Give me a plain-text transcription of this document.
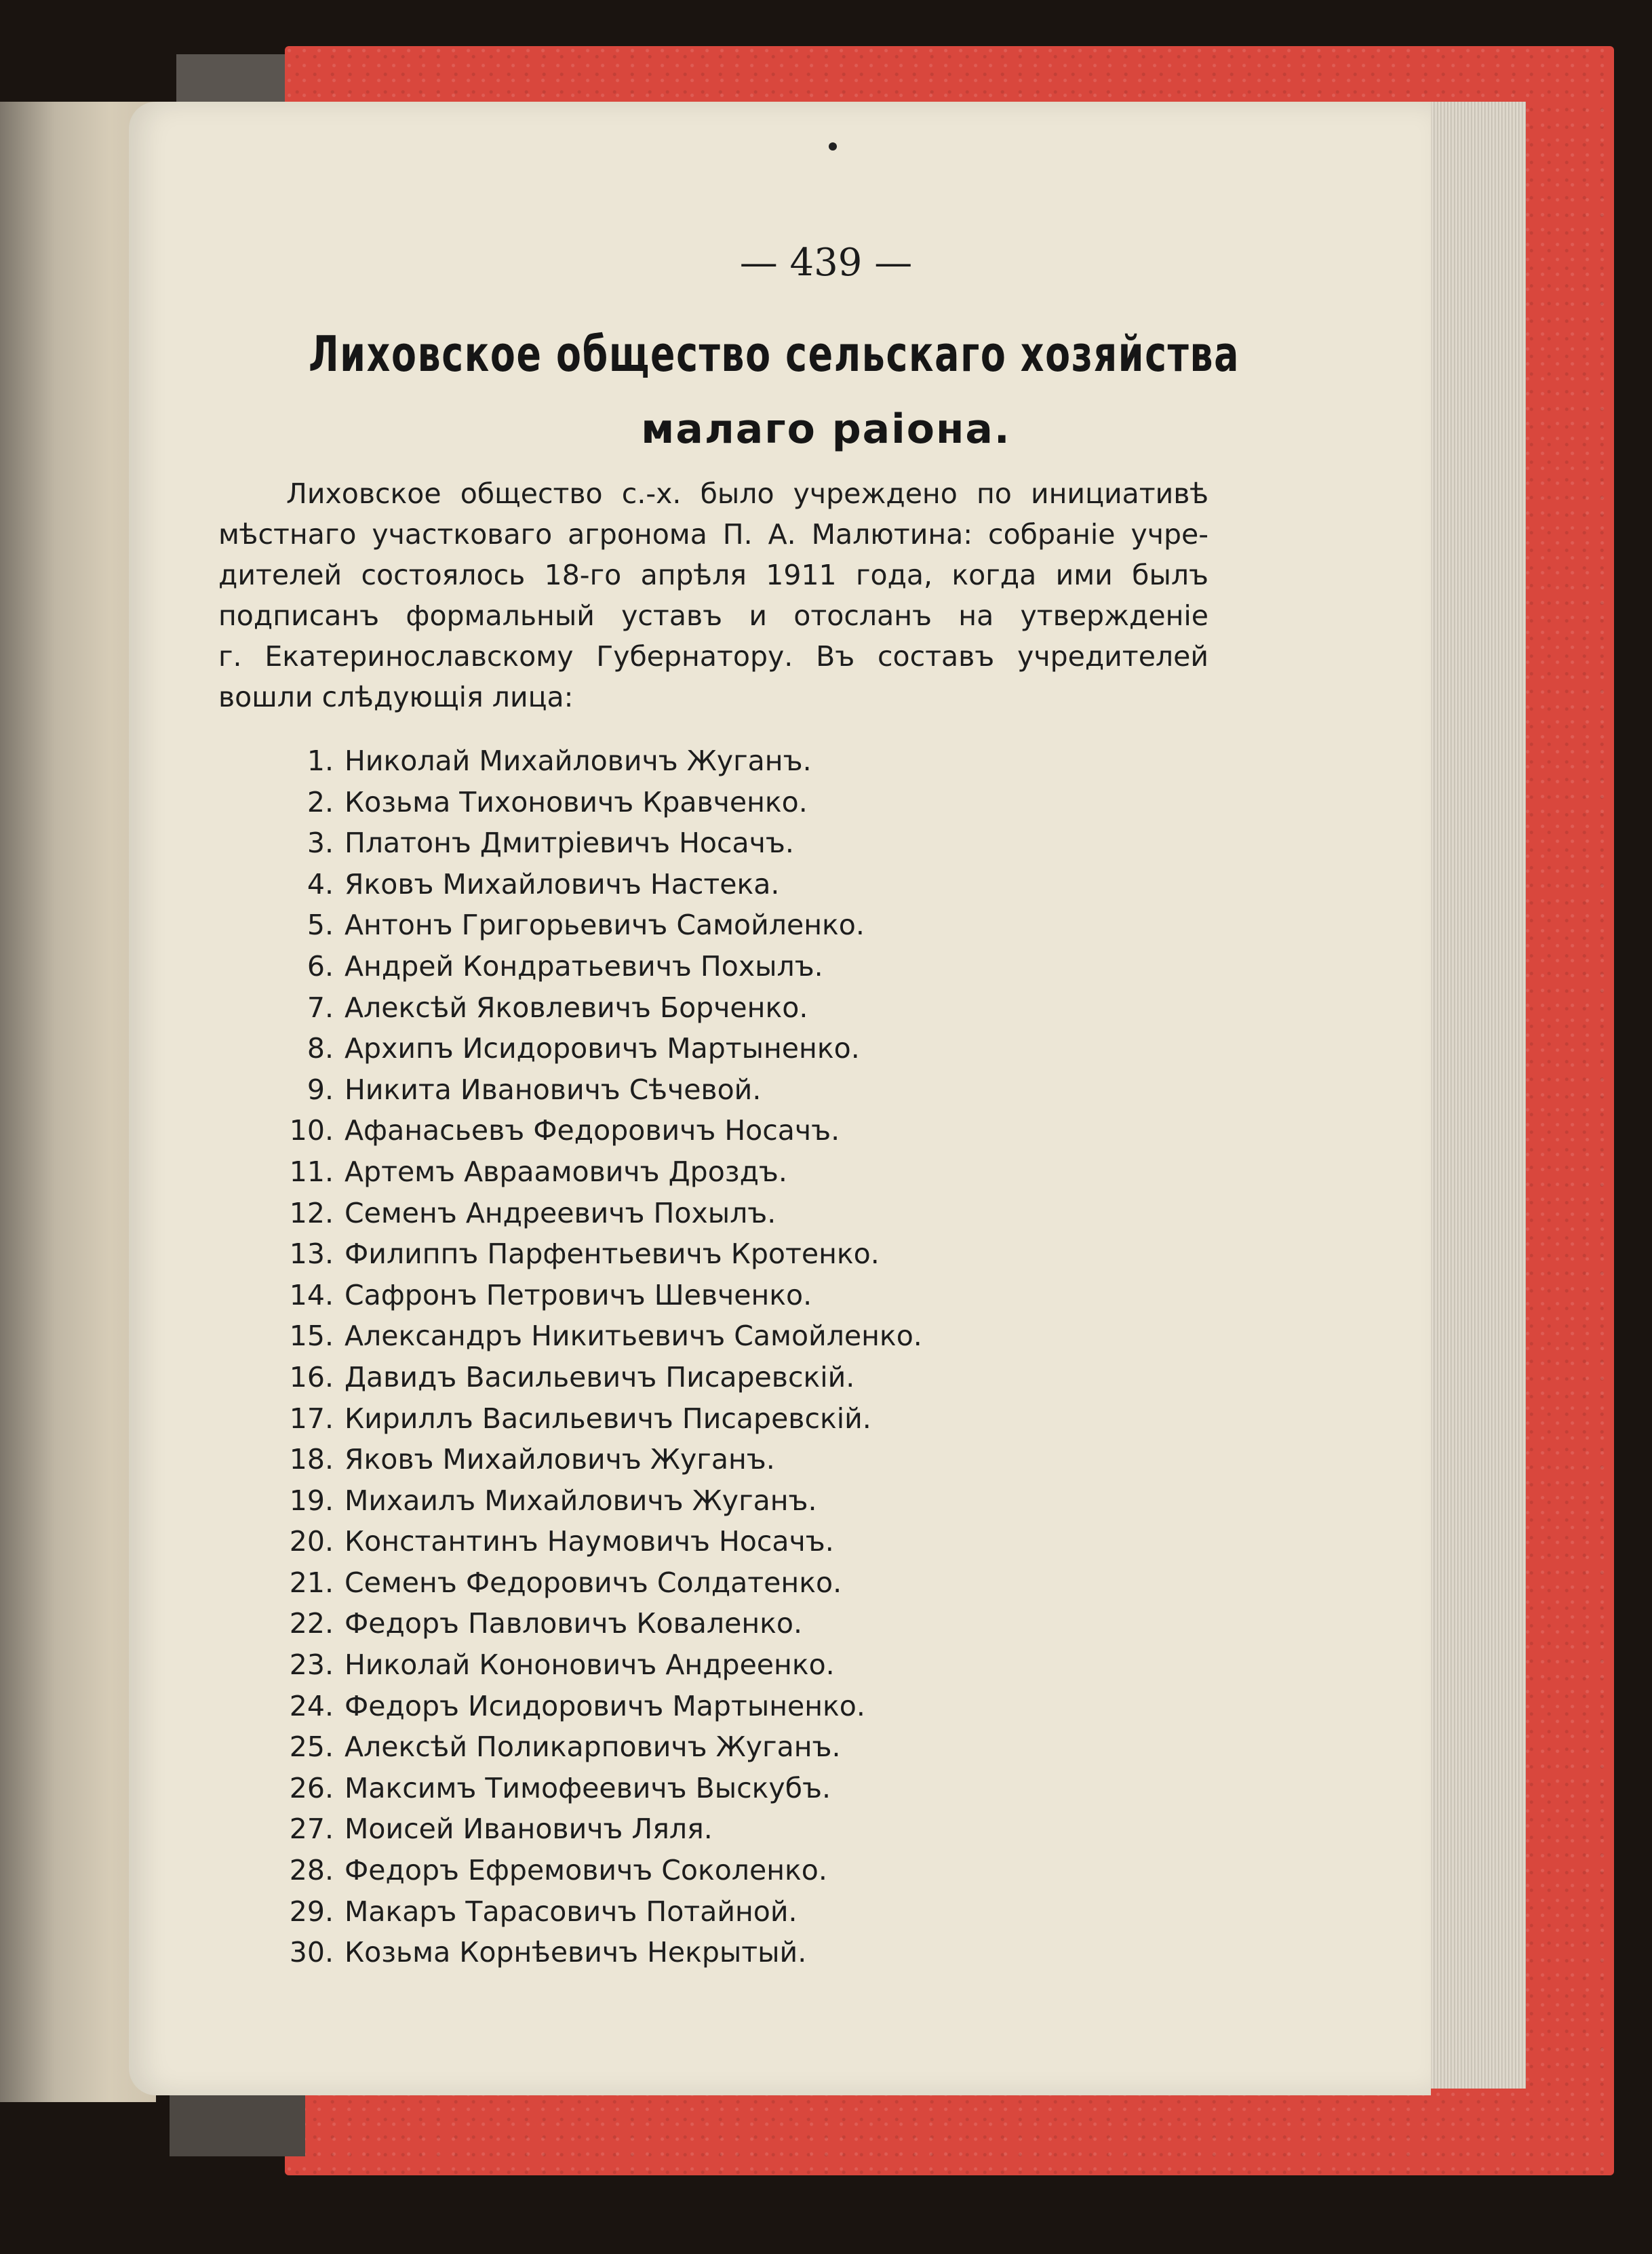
— 439 —
Лиховское общество сельскаго хозяйства
малаго раіона.
Лиховское общество с.-х. было учреждено по инициативѣ
мѣстнаго участковаго агронома П. А. Малютина: собраніе учре-
дителей состоялось 18-го апрѣля 1911 года, когда ими былъ
подписанъ формальный уставъ и отосланъ на утвержденіе
г. Екатеринославскому Губернатору. Въ составъ учредителей
вошли слѣдующія лица:
1. Николай Михайловичъ Жуганъ.
2. Козьма Тихоновичъ Кравченко.
3. Платонъ Дмитріевичъ Носачъ.
4. Яковъ Михайловичъ Настека.
5. Антонъ Григорьевичъ Самойленко.
6. Андрей Кондратьевичъ Похылъ.
7. Алексѣй Яковлевичъ Борченко.
8. Архипъ Исидоровичъ Мартыненко.
9. Никита Ивановичъ Сѣчевой.
10. Афанасьевъ Федоровичъ Носачъ.
11. Артемъ Авраамовичъ Дроздъ.
12. Семенъ Андреевичъ Похылъ.
13. Филиппъ Парфентьевичъ Кротенко.
14. Сафронъ Петровичъ Шевченко.
15. Александръ Никитьевичъ Самойленко.
16. Давидъ Васильевичъ Писаревскій.
17. Кириллъ Васильевичъ Писаревскій.
18. Яковъ Михайловичъ Жуганъ.
19. Михаилъ Михайловичъ Жуганъ.
20. Константинъ Наумовичъ Носачъ.
21. Семенъ Федоровичъ Солдатенко.
22. Федоръ Павловичъ Коваленко.
23. Николай Кононовичъ Андреенко.
24. Федоръ Исидоровичъ Мартыненко.
25. Алексѣй Поликарповичъ Жуганъ.
26. Максимъ Тимофеевичъ Выскубъ.
27. Моисей Ивановичъ Ляля.
28. Федоръ Ефремовичъ Соколенко.
29. Макаръ Тарасовичъ Потайной.
30. Козьма Корнѣевичъ Некрытый.
